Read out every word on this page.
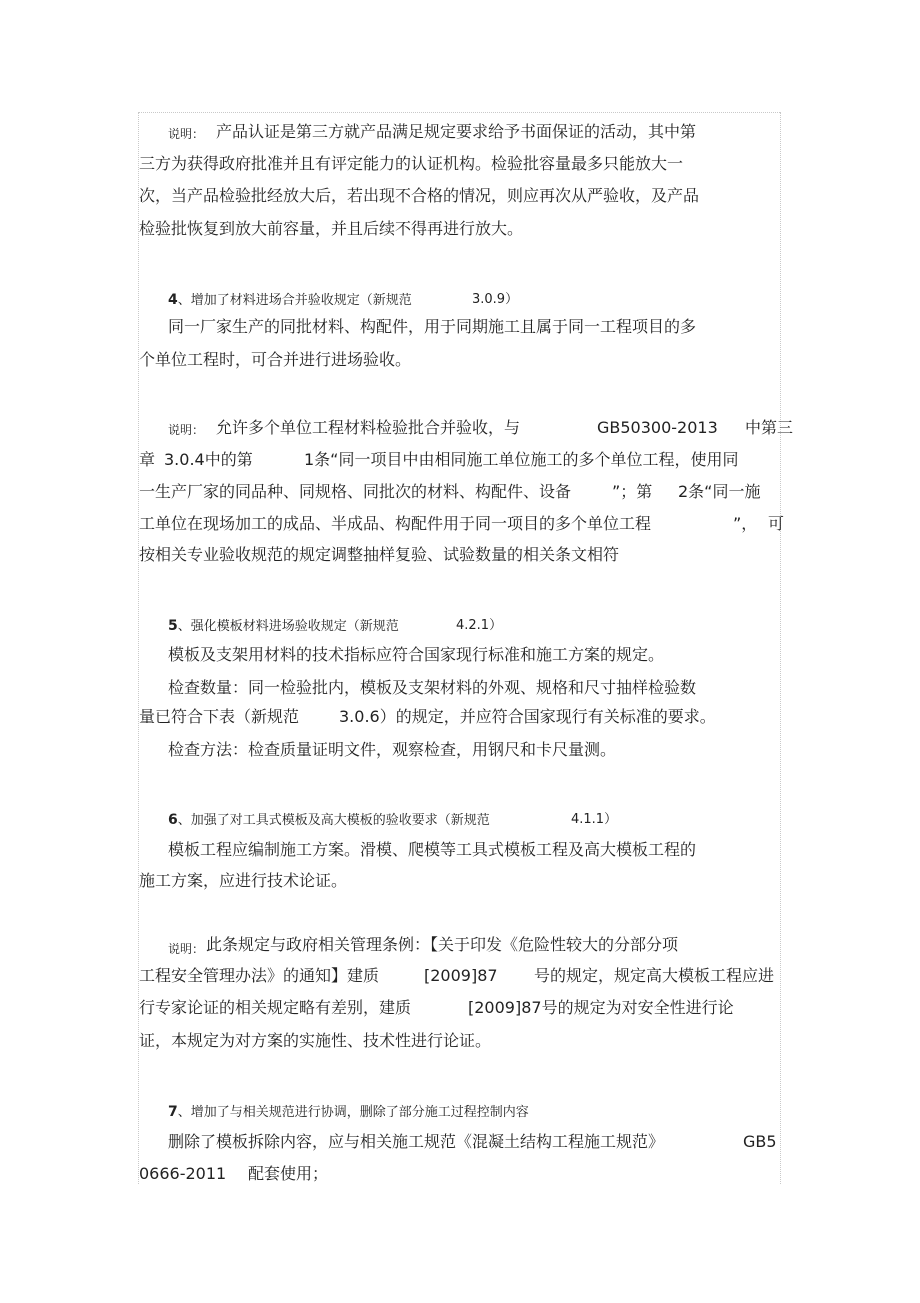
说明： 产品认证是第三方就产品满足规定要求给予书面保证的活动，其中第
三方为获得政府批准并且有评定能力的认证机构。检验批容量最多只能放大一
次，当产品检验批经放大后，若出现不合格的情况，则应再次从严验收，及产品
检验批恢复到放大前容量，并且后续不得再进行放大。
4、增加了材料进场合并验收规定（新规范	3.0.9）
同一厂家生产的同批材料、构配件，用于同期施工且属于同一工程项目的多
个单位工程时，可合并进行进场验收。
说明： 允许多个单位工程材料检验批合并验收，与	GB50300-2013 中第三
章 3.0.4中的第	1条“同一项目中由相同施工单位施工的多个单位工程，使用同
一生产厂家的同品种、同规格、同批次的材料、构配件、设备	”；第 2条“同一施
工单位在现场加工的成品、半成品、构配件用于同一项目的多个单位工程	”， 可
按相关专业验收规范的规定调整抽样复验、试验数量的相关条文相符
5、强化模板材料进场验收规定（新规范	4.2.1）
模板及支架用材料的技术指标应符合国家现行标准和施工方案的规定。
检查数量：同一检验批内，模板及支架材料的外观、规格和尺寸抽样检验数
量已符合下表（新规范 3.0.6）的规定，并应符合国家现行有关标准的要求。
检查方法：检查质量证明文件，观察检查，用钢尺和卡尺量测。
6、加强了对工具式模板及高大模板的验收要求（新规范	4.1.1）
模板工程应编制施工方案。滑模、爬模等工具式模板工程及高大模板工程的
施工方案，应进行技术论证。
说明： 此条规定与政府相关管理条例：【关于印发《危险性较大的分部分项
工程安全管理办法》的通知】建质	[2009]87 号的规定，规定高大模板工程应进
行专家论证的相关规定略有差别，建质	[2009]87号的规定为对安全性进行论
证，本规定为对方案的实施性、技术性进行论证。
7、增加了与相关规范进行协调，删除了部分施工过程控制内容
删除了模板拆除内容，应与相关施工规范《混凝土结构工程施工规范》	GB5
0666-2011 配套使用；
